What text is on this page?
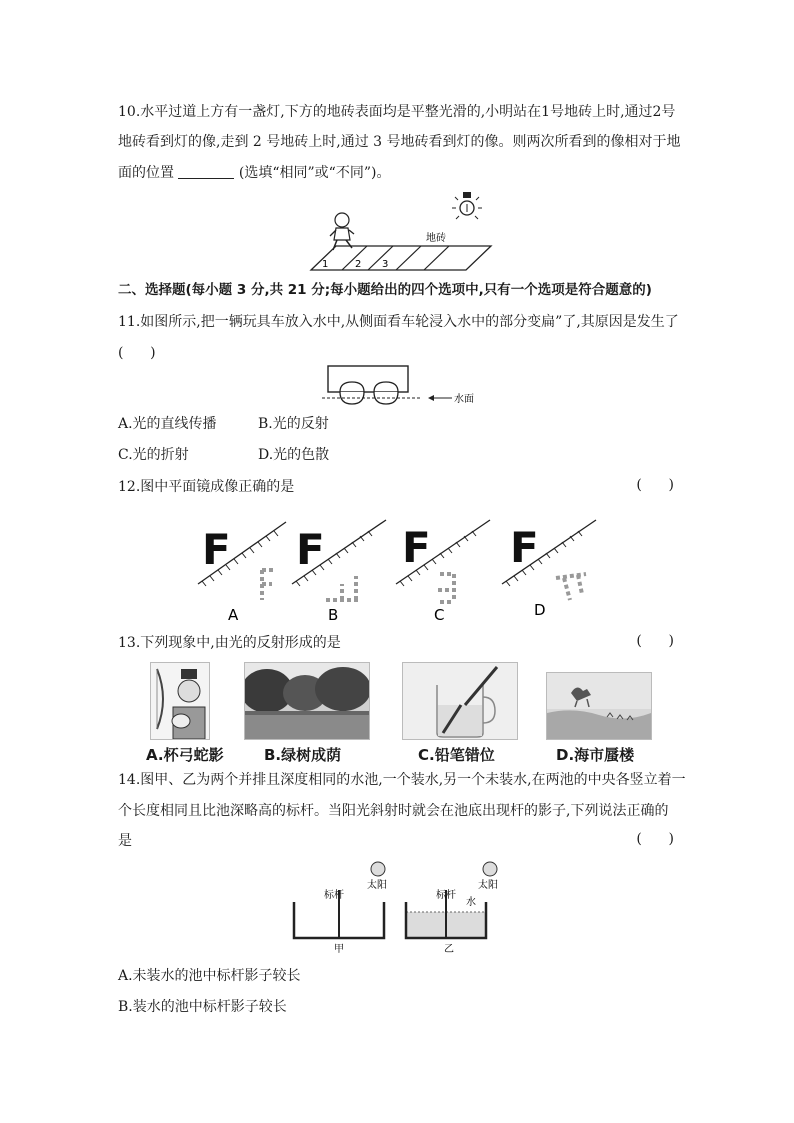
10.水平过道上方有一盏灯,下方的地砖表面均是平整光滑的,小明站在1号地砖上时,通过2号
地砖看到灯的像,走到 2 号地砖上时,通过 3 号地砖看到灯的像。则两次所看到的像相对于地
面的位置	(选填“相同”或“不同”)。
1	2 3
地砖
二、选择题(每小题 3 分,共 21 分;每小题给出的四个选项中,只有一个选项是符合题意的)
11.如图所示,把一辆玩具车放入水中,从侧面看车轮浸入水中的部分变扁”了,其原因是发生了
(      )
水面
A.光的直线传播	B.光的反射
C.光的折射	D.光的色散
12.图中平面镜成像正确的是	(      )
F
A
F
B
F
C
F
D
13.下列现象中,由光的反射形成的是	(      )
A.杯弓蛇影	B.绿树成荫	C.铅笔错位	D.海市蜃楼
14.图甲、乙为两个并排且深度相同的水池,一个装水,另一个未装水,在两池的中央各竖立着一
个长度相同且比池深略高的标杆。当阳光斜射时就会在池底出现杆的影子,下列说法正确的
是	(      )
标杆
太阳
甲
标杆
太阳
水
乙
A.未装水的池中标杆影子较长
B.装水的池中标杆影子较长
